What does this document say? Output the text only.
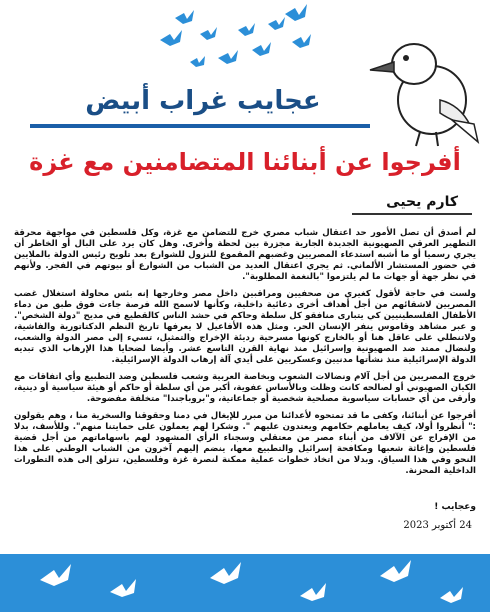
عجايب غراب أبيض
أفرجوا عن أبنائنا المتضامنين مع غزة
كارم يحيى

لم أصدق أن تصل الأمور حد اعتقال شباب مصري خرج للتضامن مع غزة، وكل فلسطين في مواجهة محرقة التطهير العرقي الصهيونية الجديدة الجارية مجزرة بين لحظة وأخرى. وهل كان يرد على البال أو الخاطر أن يجري رسميا أو ما أشبه استدعاء المصريين وغضبهم المقموع للنزول للشوارع بعد تلويح رئيس الدولة بالملايين في حضور المستشار الألماني. ثم يجري اعتقال العديد من الشباب من الشوارع أو بيوتهم في الفجر. ولأنهم في نظر جهة أو جهات ما لم يلتزموا "بالنغمة المطلوبة".

ولست في حاجة لأقول كغيري من صحفيين ومراقبين داخل مصر وخارجها إنه بئس محاولة استغلال غضب المصريين لاشقائهم من أجل أهداف أخرى دعائية داخلية، وكأنها لاسمح الله فرصة جاءت فوق طبق من دماء الأطفال الفلسطينيين كي يتبارى منافقو كل سلطة وحاكم في حشد الناس كالقطيع في مديح "دولة الشخص". و عبر مشاهد وقاموس ينفر الإنسان الحر. ومثل هذه الأفاعيل لا يعرفها تاريخ النظم الدكتاتورية والفاشية، ولاتنطلي على عاقل هنا أو بالخارج كونها مسرحية رديئة الإخراج والتمثيل، تسيء إلى مصر الدولة والشعب، ولنضال ممتد ضد الصهيونية وإسرائيل منذ نهاية القرن التاسع عشر. وأيضا لضحايا هذا الإرهاب الذي تبديه الدولة الإسرائيلية منذ نشأتها مدنيين وعسكريين على أيدي آلة إرهاب الدولة الإسرائيلية.

خروج المصريين من أجل آلام ونضالات الشعوب وبخاصة العربية وشعب فلسطين وضد التطبيع وأي اتفاقات مع الكيان الصهيوني أو لصالحه كانت وظلت وبالأساس عفوية، أكبر من أي سلطة أو حاكم أو هيئة سياسية أو دينية، وأرقى من أي حسابات سياسوية مصلحية شخصية أو جماعاتية، و"بروباجندا" متخلفة مفضوحة.

أفرجوا عن أبنائنا، وكفى ما قد تمتحوه لأعدائنا من مبرر للإيغال في دمنا وحقوقنا والسخرية منا ، وهم يقولون :" أنظروا أولا، كيف يعاملهم حكامهم ويعتدون عليهم ". وشكرا لهم يعملون على حمايتنا منهم". وللأسف، بدلا من الإفراج عن الآلاف من أبناء مصر من معتقلي وسجناء الرأي المشهود لهم باسهاماتهم من أجل قضية فلسطين وإغاثة شعبها ومكافحة إسرائيل والتطبيع معها، ينضم إليهم آخرون من الشباب الوطني على هذا النحو وفي هذا السياق. وبدلا من اتخاذ خطوات عملية ممكنة لنصرة غزة وفلسطين، تنزلق إلى هذه التطورات الداخلية المحزنة.

وعجايب !
24 أكتوبر 2023
